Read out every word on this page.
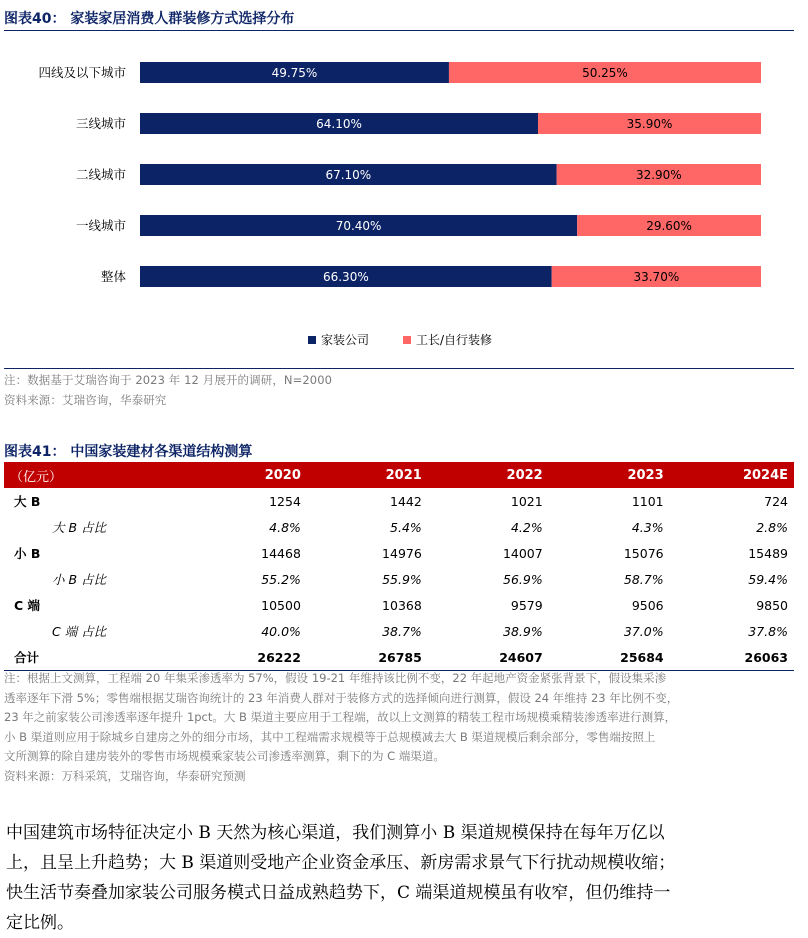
图表40： 家装家居消费人群装修方式选择分布
四线及以下城市	49.75%	50.25%
三线城市	64.10%	35.90%
二线城市	67.10%	32.90%
一线城市	70.40%	29.60%
整体	66.30%	33.70%
家装公司	工长/自行装修
注：数据基于艾瑞咨询于 2023 年 12 月展开的调研，N=2000
资料来源：艾瑞咨询，华泰研究
图表41： 中国家装建材各渠道结构测算
（亿元）	2020	2021	2022	2023	2024E
大 B	1254	1442	1021	1101	724
大 B 占比	4.8%	5.4%	4.2%	4.3%	2.8%
小 B	14468	14976	14007	15076	15489
小 B 占比	55.2%	55.9%	56.9%	58.7%	59.4%
C 端	10500	10368	9579	9506	9850
C 端 占比	40.0%	38.7%	38.9%	37.0%	37.8%
合计	26222	26785	24607	25684	26063
注：根据上文测算，工程端 20 年集采渗透率为 57%，假设 19-21 年维持该比例不变，22 年起地产资金紧张背景下，假设集采渗
透率逐年下滑 5%；零售端根据艾瑞咨询统计的 23 年消费人群对于装修方式的选择倾向进行测算，假设 24 年维持 23 年比例不变，
23 年之前家装公司渗透率逐年提升 1pct。大 B 渠道主要应用于工程端，故以上文测算的精装工程市场规模乘精装渗透率进行测算，
小 B 渠道则应用于除城乡自建房之外的细分市场，其中工程端需求规模等于总规模减去大 B 渠道规模后剩余部分，零售端按照上
文所测算的除自建房装外的零售市场规模乘家装公司渗透率测算，剩下的为 C 端渠道。
资料来源：万科采筑，艾瑞咨询，华泰研究预测
中国建筑市场特征决定小 B 天然为核心渠道，我们测算小 B 渠道规模保持在每年万亿以
上，且呈上升趋势；大 B 渠道则受地产企业资金承压、新房需求景气下行扰动规模收缩；
快生活节奏叠加家装公司服务模式日益成熟趋势下，C 端渠道规模虽有收窄，但仍维持一
定比例。
